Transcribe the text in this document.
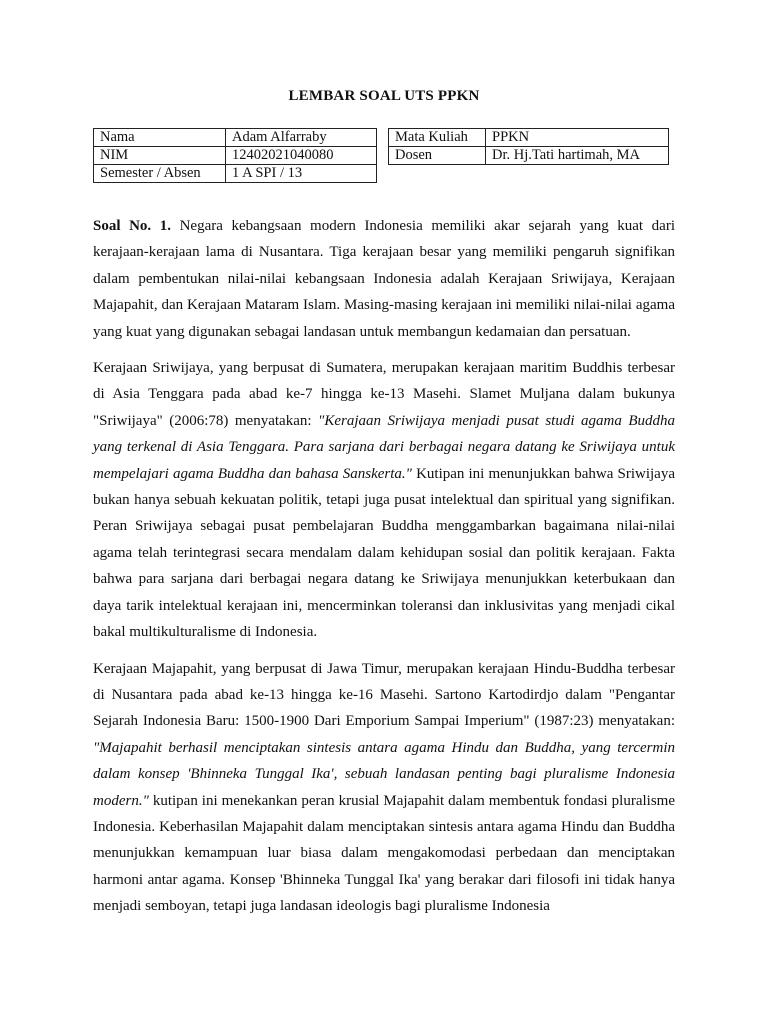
LEMBAR SOAL UTS PPKN
Nama	Adam Alfarraby
NIM	12402021040080
Semester / Absen	1 A SPI / 13
Mata Kuliah	PPKN
Dosen	Dr. Hj.Tati hartimah, MA

Soal No. 1. Negara kebangsaan modern Indonesia memiliki akar sejarah yang kuat dari kerajaan-kerajaan lama di Nusantara. Tiga kerajaan besar yang memiliki pengaruh signifikan dalam pembentukan nilai-nilai kebangsaan Indonesia adalah Kerajaan Sriwijaya, Kerajaan Majapahit, dan Kerajaan Mataram Islam. Masing-masing kerajaan ini memiliki nilai-nilai agama yang kuat yang digunakan sebagai landasan untuk membangun kedamaian dan persatuan.

Kerajaan Sriwijaya, yang berpusat di Sumatera, merupakan kerajaan maritim Buddhis terbesar di Asia Tenggara pada abad ke-7 hingga ke-13 Masehi. Slamet Muljana dalam bukunya "Sriwijaya" (2006:78) menyatakan: "Kerajaan Sriwijaya menjadi pusat studi agama Buddha yang terkenal di Asia Tenggara. Para sarjana dari berbagai negara datang ke Sriwijaya untuk mempelajari agama Buddha dan bahasa Sanskerta." Kutipan ini menunjukkan bahwa Sriwijaya bukan hanya sebuah kekuatan politik, tetapi juga pusat intelektual dan spiritual yang signifikan. Peran Sriwijaya sebagai pusat pembelajaran Buddha menggambarkan bagaimana nilai-nilai agama telah terintegrasi secara mendalam dalam kehidupan sosial dan politik kerajaan. Fakta bahwa para sarjana dari berbagai negara datang ke Sriwijaya menunjukkan keterbukaan dan daya tarik intelektual kerajaan ini, mencerminkan toleransi dan inklusivitas yang menjadi cikal bakal multikulturalisme di Indonesia.

Kerajaan Majapahit, yang berpusat di Jawa Timur, merupakan kerajaan Hindu-Buddha terbesar di Nusantara pada abad ke-13 hingga ke-16 Masehi. Sartono Kartodirdjo dalam "Pengantar Sejarah Indonesia Baru: 1500-1900 Dari Emporium Sampai Imperium" (1987:23) menyatakan: "Majapahit berhasil menciptakan sintesis antara agama Hindu dan Buddha, yang tercermin dalam konsep 'Bhinneka Tunggal Ika', sebuah landasan penting bagi pluralisme Indonesia modern." kutipan ini menekankan peran krusial Majapahit dalam membentuk fondasi pluralisme Indonesia. Keberhasilan Majapahit dalam menciptakan sintesis antara agama Hindu dan Buddha menunjukkan kemampuan luar biasa dalam mengakomodasi perbedaan dan menciptakan harmoni antar agama. Konsep 'Bhinneka Tunggal Ika' yang berakar dari filosofi ini tidak hanya menjadi semboyan, tetapi juga landasan ideologis bagi pluralisme Indonesia
